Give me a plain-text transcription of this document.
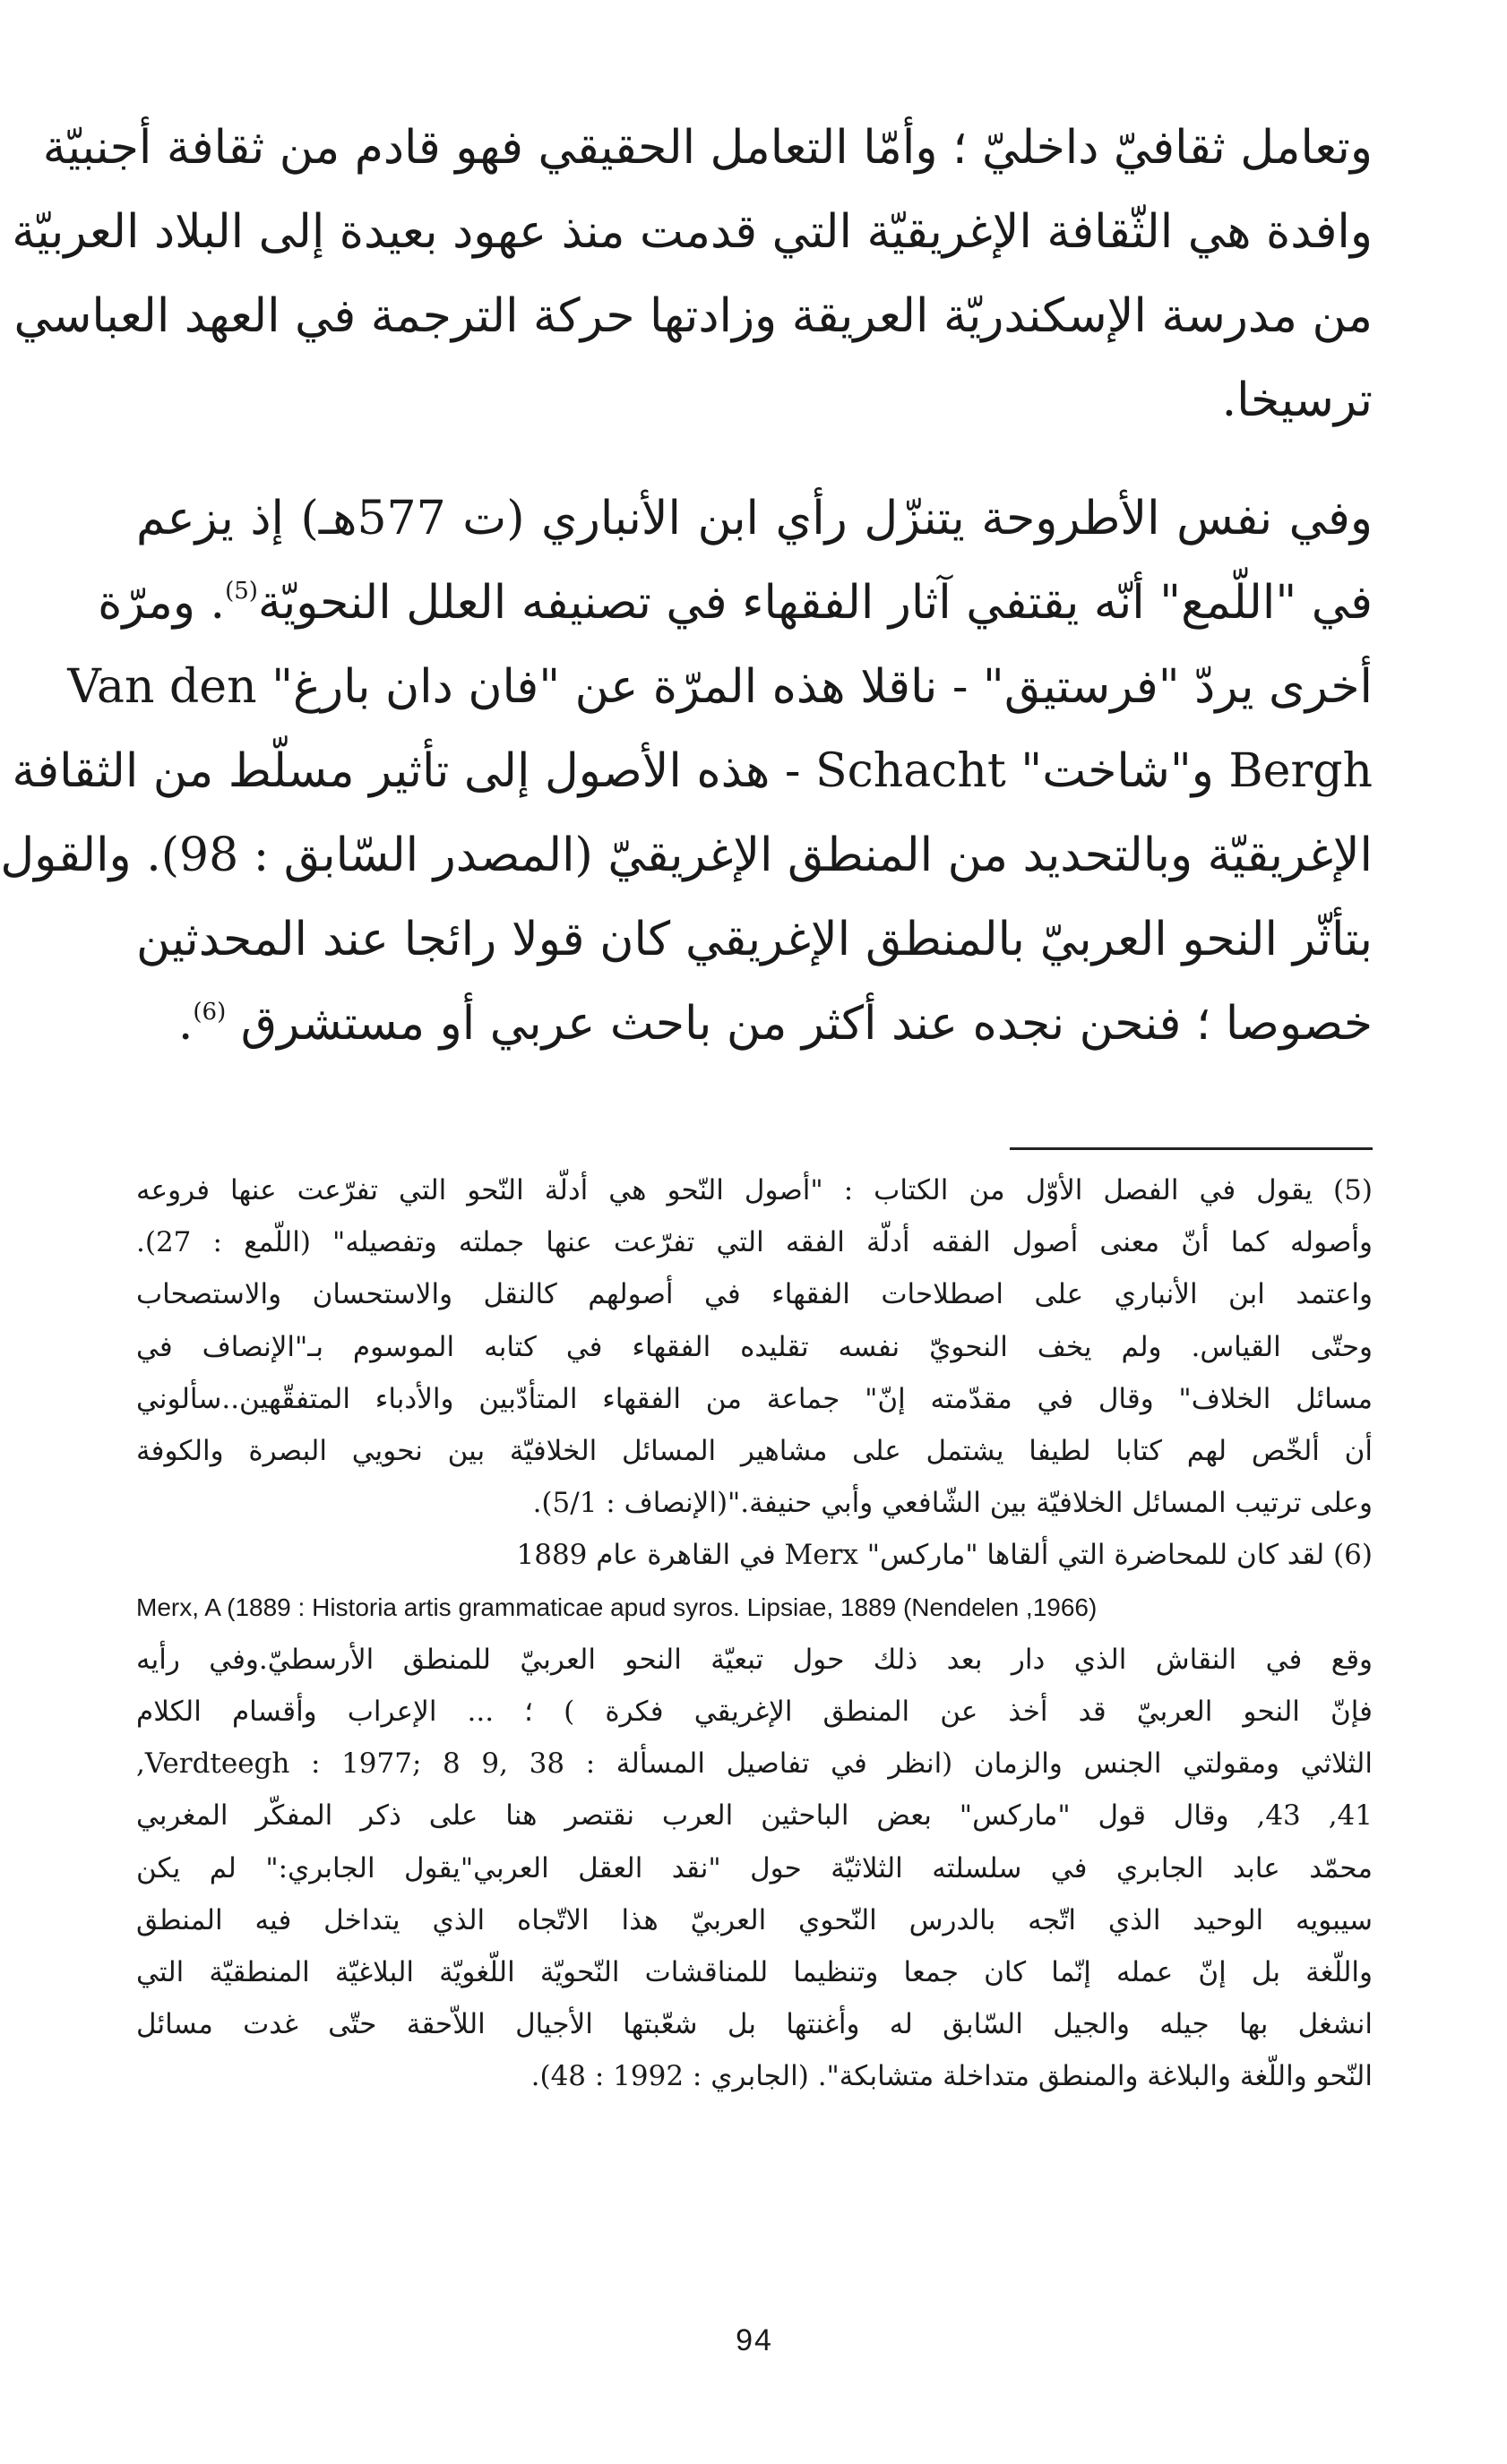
وتعامل ثقافيّ داخليّ ؛ وأمّا التعامل الحقيقي فهو قادم من ثقافة أجنبيّة

وافدة هي الثّقافة الإغريقيّة التي قدمت منذ عهود بعيدة إلى البلاد العربيّة

من مدرسة الإسكندريّة العريقة وزادتها حركة الترجمة في العهد العباسي

ترسيخا.

وفي نفس الأطروحة يتنزّل رأي ابن الأنباري (ت 577هـ) إذ يزعم

في "اللّمع" أنّه يقتفي آثار الفقهاء في تصنيفه العلل النحويّة$^{(5)}$. ومرّة

أخرى يردّ "فرستيق" - ناقلا هذه المرّة عن "فان دان بارغ" Van den

Bergh و"شاخت" Schacht - هذه الأصول إلى تأثير مسلّط من الثقافة

الإغريقيّة وبالتحديد من المنطق الإغريقيّ (المصدر السّابق : 98). والقول

بتأثّر النحو العربيّ بالمنطق الإغريقي كان قولا رائجا عند المحدثين

خصوصا ؛ فنحن نجده عند أكثر من باحث عربي أو مستشرق $^{(6)}$.

(5) يقول في الفصل الأوّل من الكتاب : "أصول النّحو هي أدلّة النّحو التي تفرّعت عنها فروعه

وأصوله كما أنّ معنى أصول الفقه أدلّة الفقه التي تفرّعت عنها جملته وتفصيله" (اللّمع : 27).

واعتمد ابن الأنباري على اصطلاحات الفقهاء في أصولهم كالنقل والاستحسان والاستصحاب

وحتّى القياس. ولم يخف النحويّ نفسه تقليده الفقهاء في كتابه الموسوم بـ"الإنصاف في

مسائل الخلاف" وقال في مقدّمته إنّ" جماعة من الفقهاء المتأدّبين والأدباء المتفقّهين..سألوني

أن ألخّص لهم كتابا لطيفا يشتمل على مشاهير المسائل الخلافيّة بين نحويي البصرة والكوفة

وعلى ترتيب المسائل الخلافيّة بين الشّافعي وأبي حنيفة."(الإنصاف : 5/1).

(6) لقد كان للمحاضرة التي ألقاها "ماركس" Merx في القاهرة عام 1889

Merx, A (1889 : Historia artis grammaticae apud syros. Lipsiae, 1889 (Nendelen ,1966)

وقع في النقاش الذي دار بعد ذلك حول تبعيّة النحو العربيّ للمنطق الأرسطيّ.وفي رأيه

فإنّ النحو العربيّ قد أخذ عن المنطق الإغريقي فكرة ) ؛ ... الإعراب وأقسام الكلام

الثلاثي ومقولتي الجنس والزمان (انظر في تفاصيل المسألة : Verdteegh : 1977; 8 9, 38,

41, 43, وقال قول "ماركس" بعض الباحثين العرب نقتصر هنا على ذكر المفكّر المغربي

محمّد عابد الجابري في سلسلته الثلاثيّة حول "نقد العقل العربي"يقول الجابري:" لم يكن

سيبويه الوحيد الذي اتّجه بالدرس النّحوي العربيّ هذا الاتّجاه الذي يتداخل فيه المنطق

واللّغة بل إنّ عمله إنّما كان جمعا وتنظيما للمناقشات النّحويّة اللّغويّة البلاغيّة المنطقيّة التي

انشغل بها جيله والجيل السّابق له وأغنتها بل شعّبتها الأجيال اللاّحقة حتّى غدت مسائل

النّحو واللّغة والبلاغة والمنطق متداخلة متشابكة". (الجابري : 1992 : 48).

94
